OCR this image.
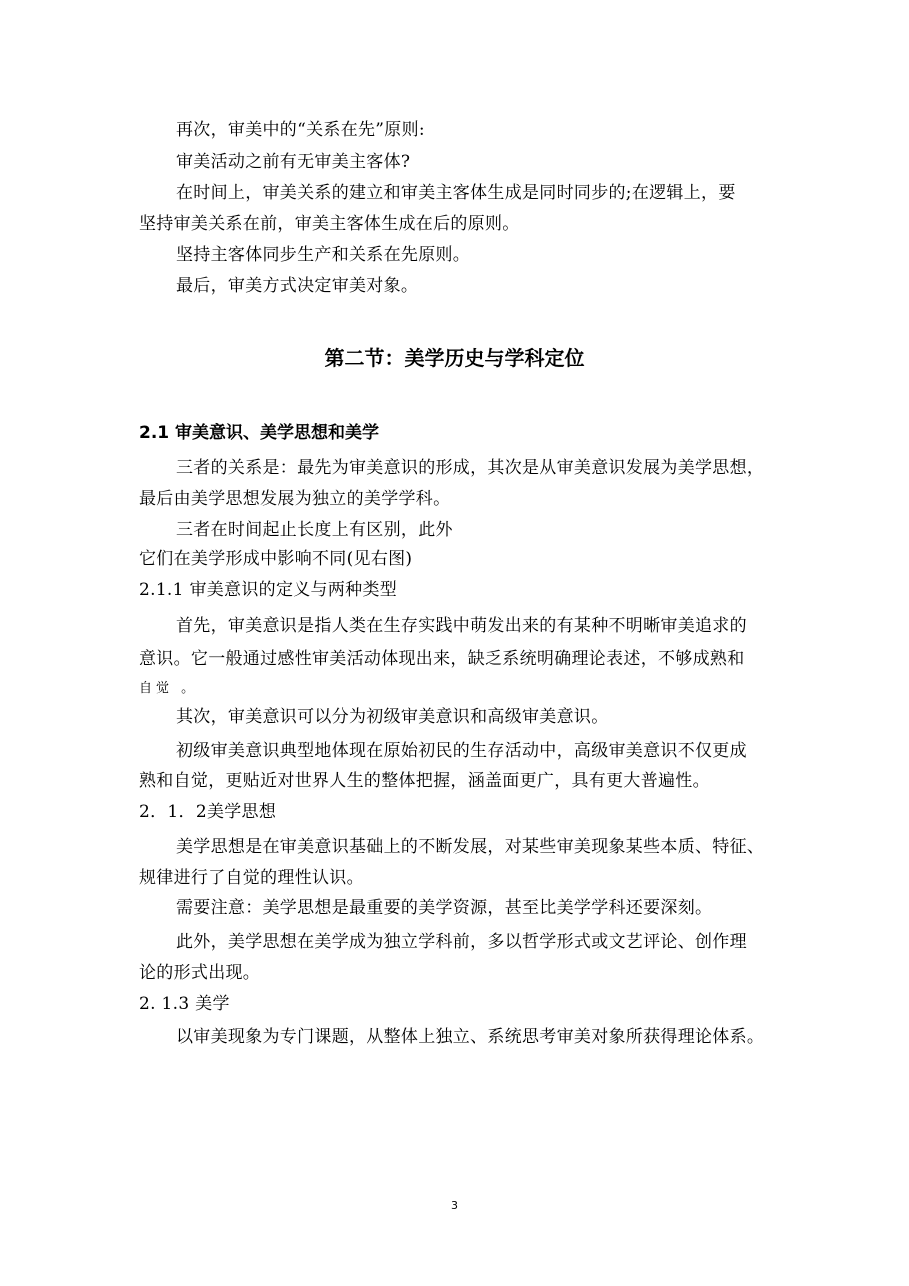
再次，审美中的“关系在先”原则:
审美活动之前有无审美主客体?
在时间上，审美关系的建立和审美主客体生成是同时同步的;在逻辑上，要
坚持审美关系在前，审美主客体生成在后的原则。
坚持主客体同步生产和关系在先原则。
最后，审美方式决定审美对象。
第二节：美学历史与学科定位
2.1 审美意识、美学思想和美学
三者的关系是：最先为审美意识的形成，其次是从审美意识发展为美学思想，
最后由美学思想发展为独立的美学学科。
三者在时间起止长度上有区别，此外
它们在美学形成中影响不同(见右图)
2.1.1 审美意识的定义与两种类型
首先，审美意识是指人类在生存实践中萌发出来的有某种不明晰审美追求的
意识。它一般通过感性审美活动体现出来，缺乏系统明确理论表述，不够成熟和
自觉 。
其次，审美意识可以分为初级审美意识和高级审美意识。
初级审美意识典型地体现在原始初民的生存活动中，高级审美意识不仅更成
熟和自觉，更贴近对世界人生的整体把握，涵盖面更广，具有更大普遍性。
2．1．2美学思想
美学思想是在审美意识基础上的不断发展，对某些审美现象某些本质、特征、
规律进行了自觉的理性认识。
需要注意：美学思想是最重要的美学资源，甚至比美学学科还要深刻。
此外，美学思想在美学成为独立学科前，多以哲学形式或文艺评论、创作理
论的形式出现。
2. 1.3 美学
以审美现象为专门课题，从整体上独立、系统思考审美对象所获得理论体系。
3
